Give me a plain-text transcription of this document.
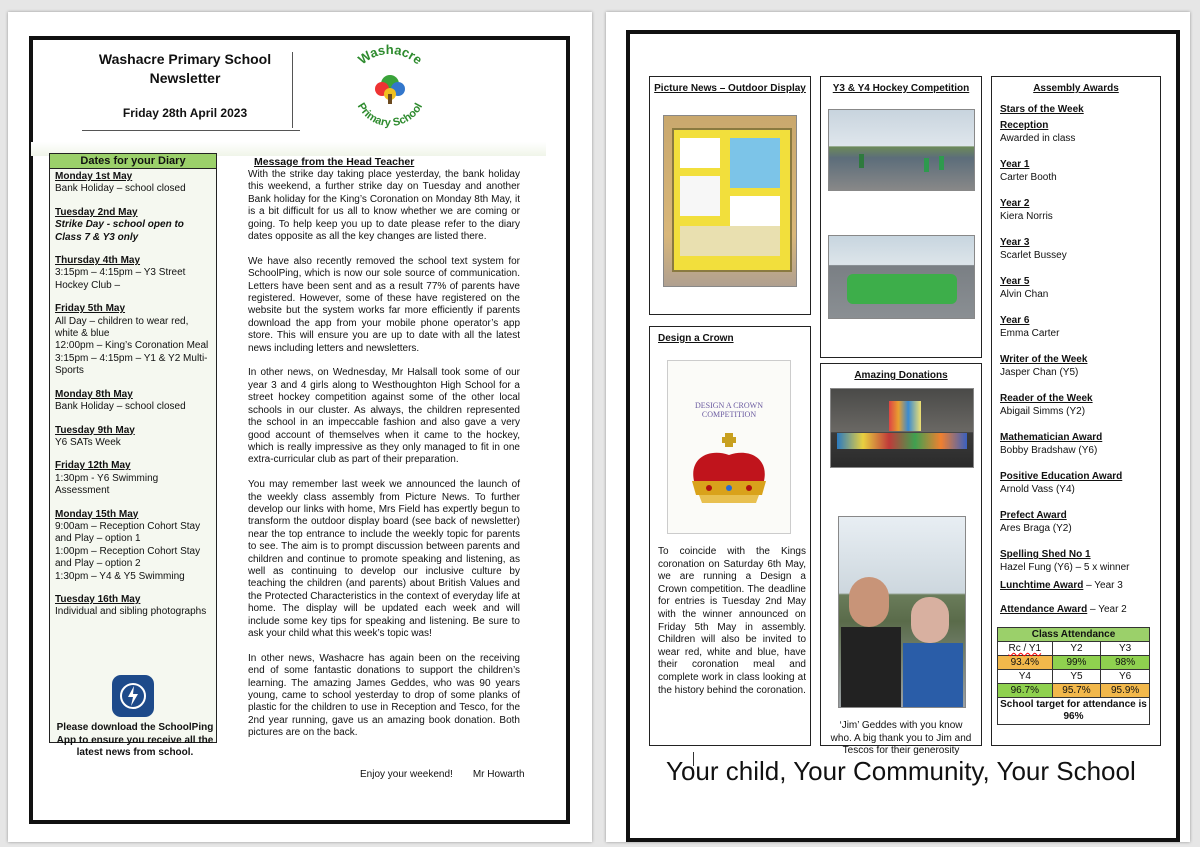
Washacre Primary School
Newsletter
Friday 28th April 2023
Washacre
Primary School
Dates for your Diary
Monday 1st May
Bank Holiday – school closed
Tuesday 2nd May
Strike Day - school open to Class 7 & Y3 only
Thursday 4th May
3:15pm – 4:15pm – Y3 Street Hockey Club –
Friday 5th May
All Day – children to wear red, white & blue
12:00pm – King’s Coronation Meal
3:15pm – 4:15pm – Y1 & Y2 Multi-Sports
Monday 8th May
Bank Holiday – school closed
Tuesday 9th May
Y6 SATs Week
Friday 12th May
1:30pm - Y6 Swimming Assessment
Monday 15th May
9:00am – Reception Cohort Stay and Play – option 1
1:00pm – Reception Cohort Stay and Play – option 2
1:30pm – Y4 & Y5 Swimming
Tuesday 16th May
Individual and sibling photographs
Please download the SchoolPing App to ensure you receive all the latest news from school.
Message from the Head Teacher

With the strike day taking place yesterday, the bank holiday this weekend, a further strike day on Tuesday and another Bank holiday for the King’s Coronation on Monday 8th May, it is a bit difficult for us all to know whether we are coming or going. To help keep you up to date please refer to the diary dates opposite as all the key changes are listed there.

We have also recently removed the school text system for SchoolPing, which is now our sole source of communication. Letters have been sent and as a result 77% of parents have registered. However, some of these have registered on the website but the system works far more efficiently if parents download the app from your mobile phone operator’s app store. This will ensure you are up to date with all the latest news including letters and newsletters.

In other news, on Wednesday, Mr Halsall took some of our year 3 and 4 girls along to Westhoughton High School for a street hockey competition against some of the other local schools in our cluster. As always, the children represented the school in an impeccable fashion and also gave a very good account of themselves when it came to the hockey, which is really impressive as they only managed to fit in one extra-curricular club as part of their preparation.

You may remember last week we announced the launch of the weekly class assembly from Picture News. To further develop our links with home, Mrs Field has expertly begun to transform the outdoor display board (see back of newsletter) near the top entrance to include the weekly topic for parents to see. The aim is to prompt discussion between parents and children and continue to promote speaking and listening, as well as continuing to develop our inclusive culture by teaching the children (and parents) about British Values and the Protected Characteristics in the context of everyday life at home. The display will be updated each week and will include some key tips for speaking and listening. Be sure to ask your child what this week’s topic was!

In other news, Washacre has again been on the receiving end of some fantastic donations to support the children’s learning. The amazing James Geddes, who was 90 years young, came to school yesterday to drop of some planks of plastic for the children to use in Reception and Tesco, for the 2nd year running, gave us an amazing book donation. Both pictures are on the back.

Enjoy your weekend! Mr Howarth
Picture News – Outdoor Display	Y3 & Y4 Hockey Competition
Design a Crown
DESIGN A CROWN COMPETITION
To coincide with the Kings coronation on Saturday 6th May, we are running a Design a Crown competition. The deadline for entries is Tuesday 2nd May with the winner announced on Friday 5th May in assembly. Children will also be invited to wear red, white and blue, have their coronation meal and complete work in class looking at the history behind the coronation.
Amazing Donations
‘Jim’ Geddes with you know who. A big thank you to Jim and Tescos for their generosity
Assembly Awards
Stars of the Week
Reception
Awarded in class
Year 1
Carter Booth
Year 2
Kiera Norris
Year 3
Scarlet Bussey
Year 5
Alvin Chan
Year 6
Emma Carter
Writer of the Week
Jasper Chan (Y5)
Reader of the Week
Abigail Simms (Y2)
Mathematician Award
Bobby Bradshaw (Y6)
Positive Education Award
Arnold Vass (Y4)
Prefect Award
Ares Braga (Y2)
Spelling Shed No 1
Hazel Fung (Y6) – 5 x winner
Lunchtime Award – Year 3
Attendance Award – Year 2
Class Attendance		
Rc / Y1	Y2	Y3
93.4%	99%	98%
Y4	Y5	Y6
96.7%	95.7%	95.9%
School target for attendance is 96%		
Your child, Your Community, Your School
